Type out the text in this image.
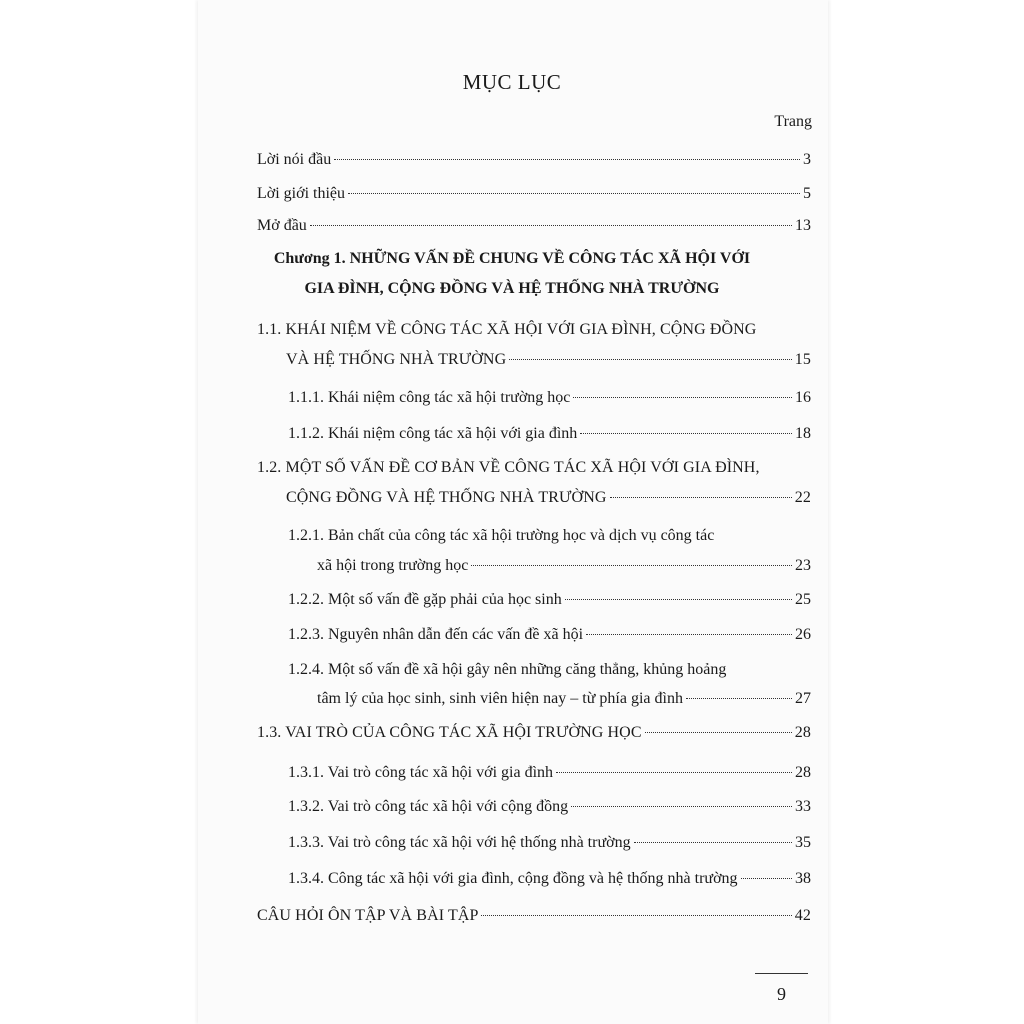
MỤC LỤC
Trang
Lời nói đầu	3
Lời giới thiệu	5
Mở đầu	13
Chương 1. NHỮNG VẤN ĐỀ CHUNG VỀ CÔNG TÁC XÃ HỘI VỚI
GIA ĐÌNH, CỘNG ĐỒNG VÀ HỆ THỐNG NHÀ TRƯỜNG
1.1. KHÁI NIỆM VỀ CÔNG TÁC XÃ HỘI VỚI GIA ĐÌNH, CỘNG ĐỒNG
VÀ HỆ THỐNG NHÀ TRƯỜNG	15
1.1.1. Khái niệm công tác xã hội trường học	16
1.1.2. Khái niệm công tác xã hội với gia đình	18
1.2. MỘT SỐ VẤN ĐỀ CƠ BẢN VỀ CÔNG TÁC XÃ HỘI VỚI GIA ĐÌNH,
CỘNG ĐỒNG VÀ HỆ THỐNG NHÀ TRƯỜNG	22
1.2.1. Bản chất của công tác xã hội trường học và dịch vụ công tác
xã hội trong trường học	23
1.2.2. Một số vấn đề gặp phải của học sinh	25
1.2.3. Nguyên nhân dẫn đến các vấn đề xã hội	26
1.2.4. Một số vấn đề xã hội gây nên những căng thẳng, khủng hoảng
tâm lý của học sinh, sinh viên hiện nay – từ phía gia đình	27
1.3. VAI TRÒ CỦA CÔNG TÁC XÃ HỘI TRƯỜNG HỌC	28
1.3.1. Vai trò công tác xã hội với gia đình	28
1.3.2. Vai trò công tác xã hội với cộng đồng	33
1.3.3. Vai trò công tác xã hội với hệ thống nhà trường	35
1.3.4. Công tác xã hội với gia đình, cộng đồng và hệ thống nhà trường	38
CÂU HỎI ÔN TẬP VÀ BÀI TẬP	42
9
